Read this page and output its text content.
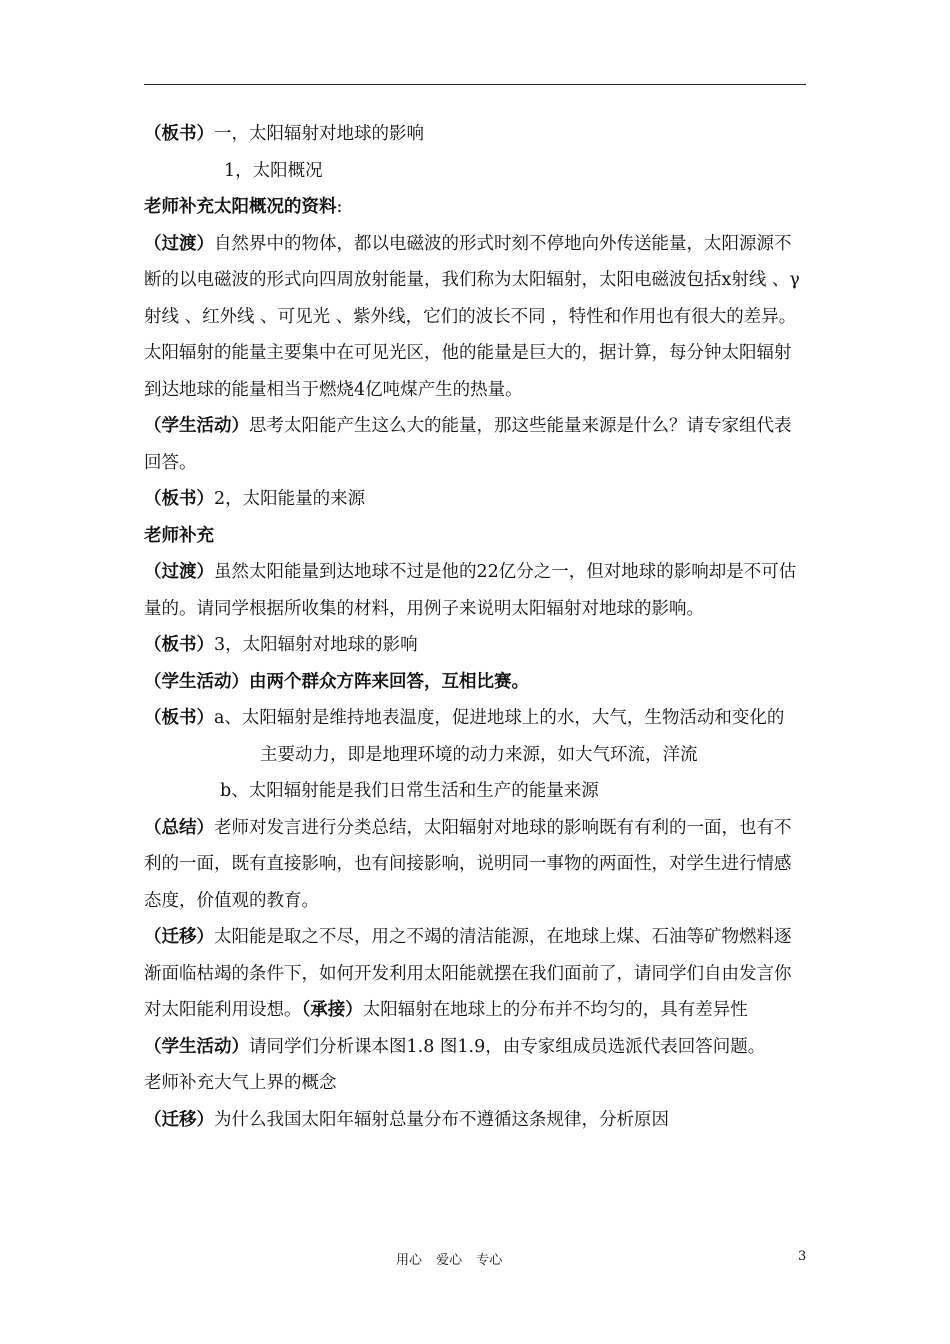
（板书）一，太阳辐射对地球的影响

1，太阳概况

老师补充太阳概况的资料:

（过渡）自然界中的物体，都以电磁波的形式时刻不停地向外传送能量，太阳源源不断的以电磁波的形式向四周放射能量，我们称为太阳辐射，太阳电磁波包括x射线 、γ 射线 、红外线 、可见光 、紫外线，它们的波长不同 ，特性和作用也有很大的差异。太阳辐射的能量主要集中在可见光区，他的能量是巨大的，据计算，每分钟太阳辐射到达地球的能量相当于燃烧4亿吨煤产生的热量。

（学生活动）思考太阳能产生这么大的能量，那这些能量来源是什么？请专家组代表回答。

（板书）2，太阳能量的来源

老师补充

（过渡）虽然太阳能量到达地球不过是他的22亿分之一，但对地球的影响却是不可估量的。请同学根据所收集的材料，用例子来说明太阳辐射对地球的影响。

（板书）3，太阳辐射对地球的影响

（学生活动）由两个群众方阵来回答，互相比赛。

（板书）a、太阳辐射是维持地表温度，促进地球上的水，大气，生物活动和变化的

主要动力，即是地理环境的动力来源，如大气环流，洋流

b、太阳辐射能是我们日常生活和生产的能量来源

（总结）老师对发言进行分类总结，太阳辐射对地球的影响既有有利的一面，也有不利的一面，既有直接影响，也有间接影响，说明同一事物的两面性，对学生进行情感态度，价值观的教育。

（迁移）太阳能是取之不尽，用之不竭的清洁能源，在地球上煤、石油等矿物燃料逐渐面临枯竭的条件下，如何开发利用太阳能就摆在我们面前了，请同学们自由发言你对太阳能利用设想。（承接）太阳辐射在地球上的分布并不均匀的，具有差异性

（学生活动）请同学们分析课本图1.8 图1.9，由专家组成员选派代表回答问题。

老师补充大气上界的概念

（迁移）为什么我国太阳年辐射总量分布不遵循这条规律，分析原因

用心 爱心 专心	3
